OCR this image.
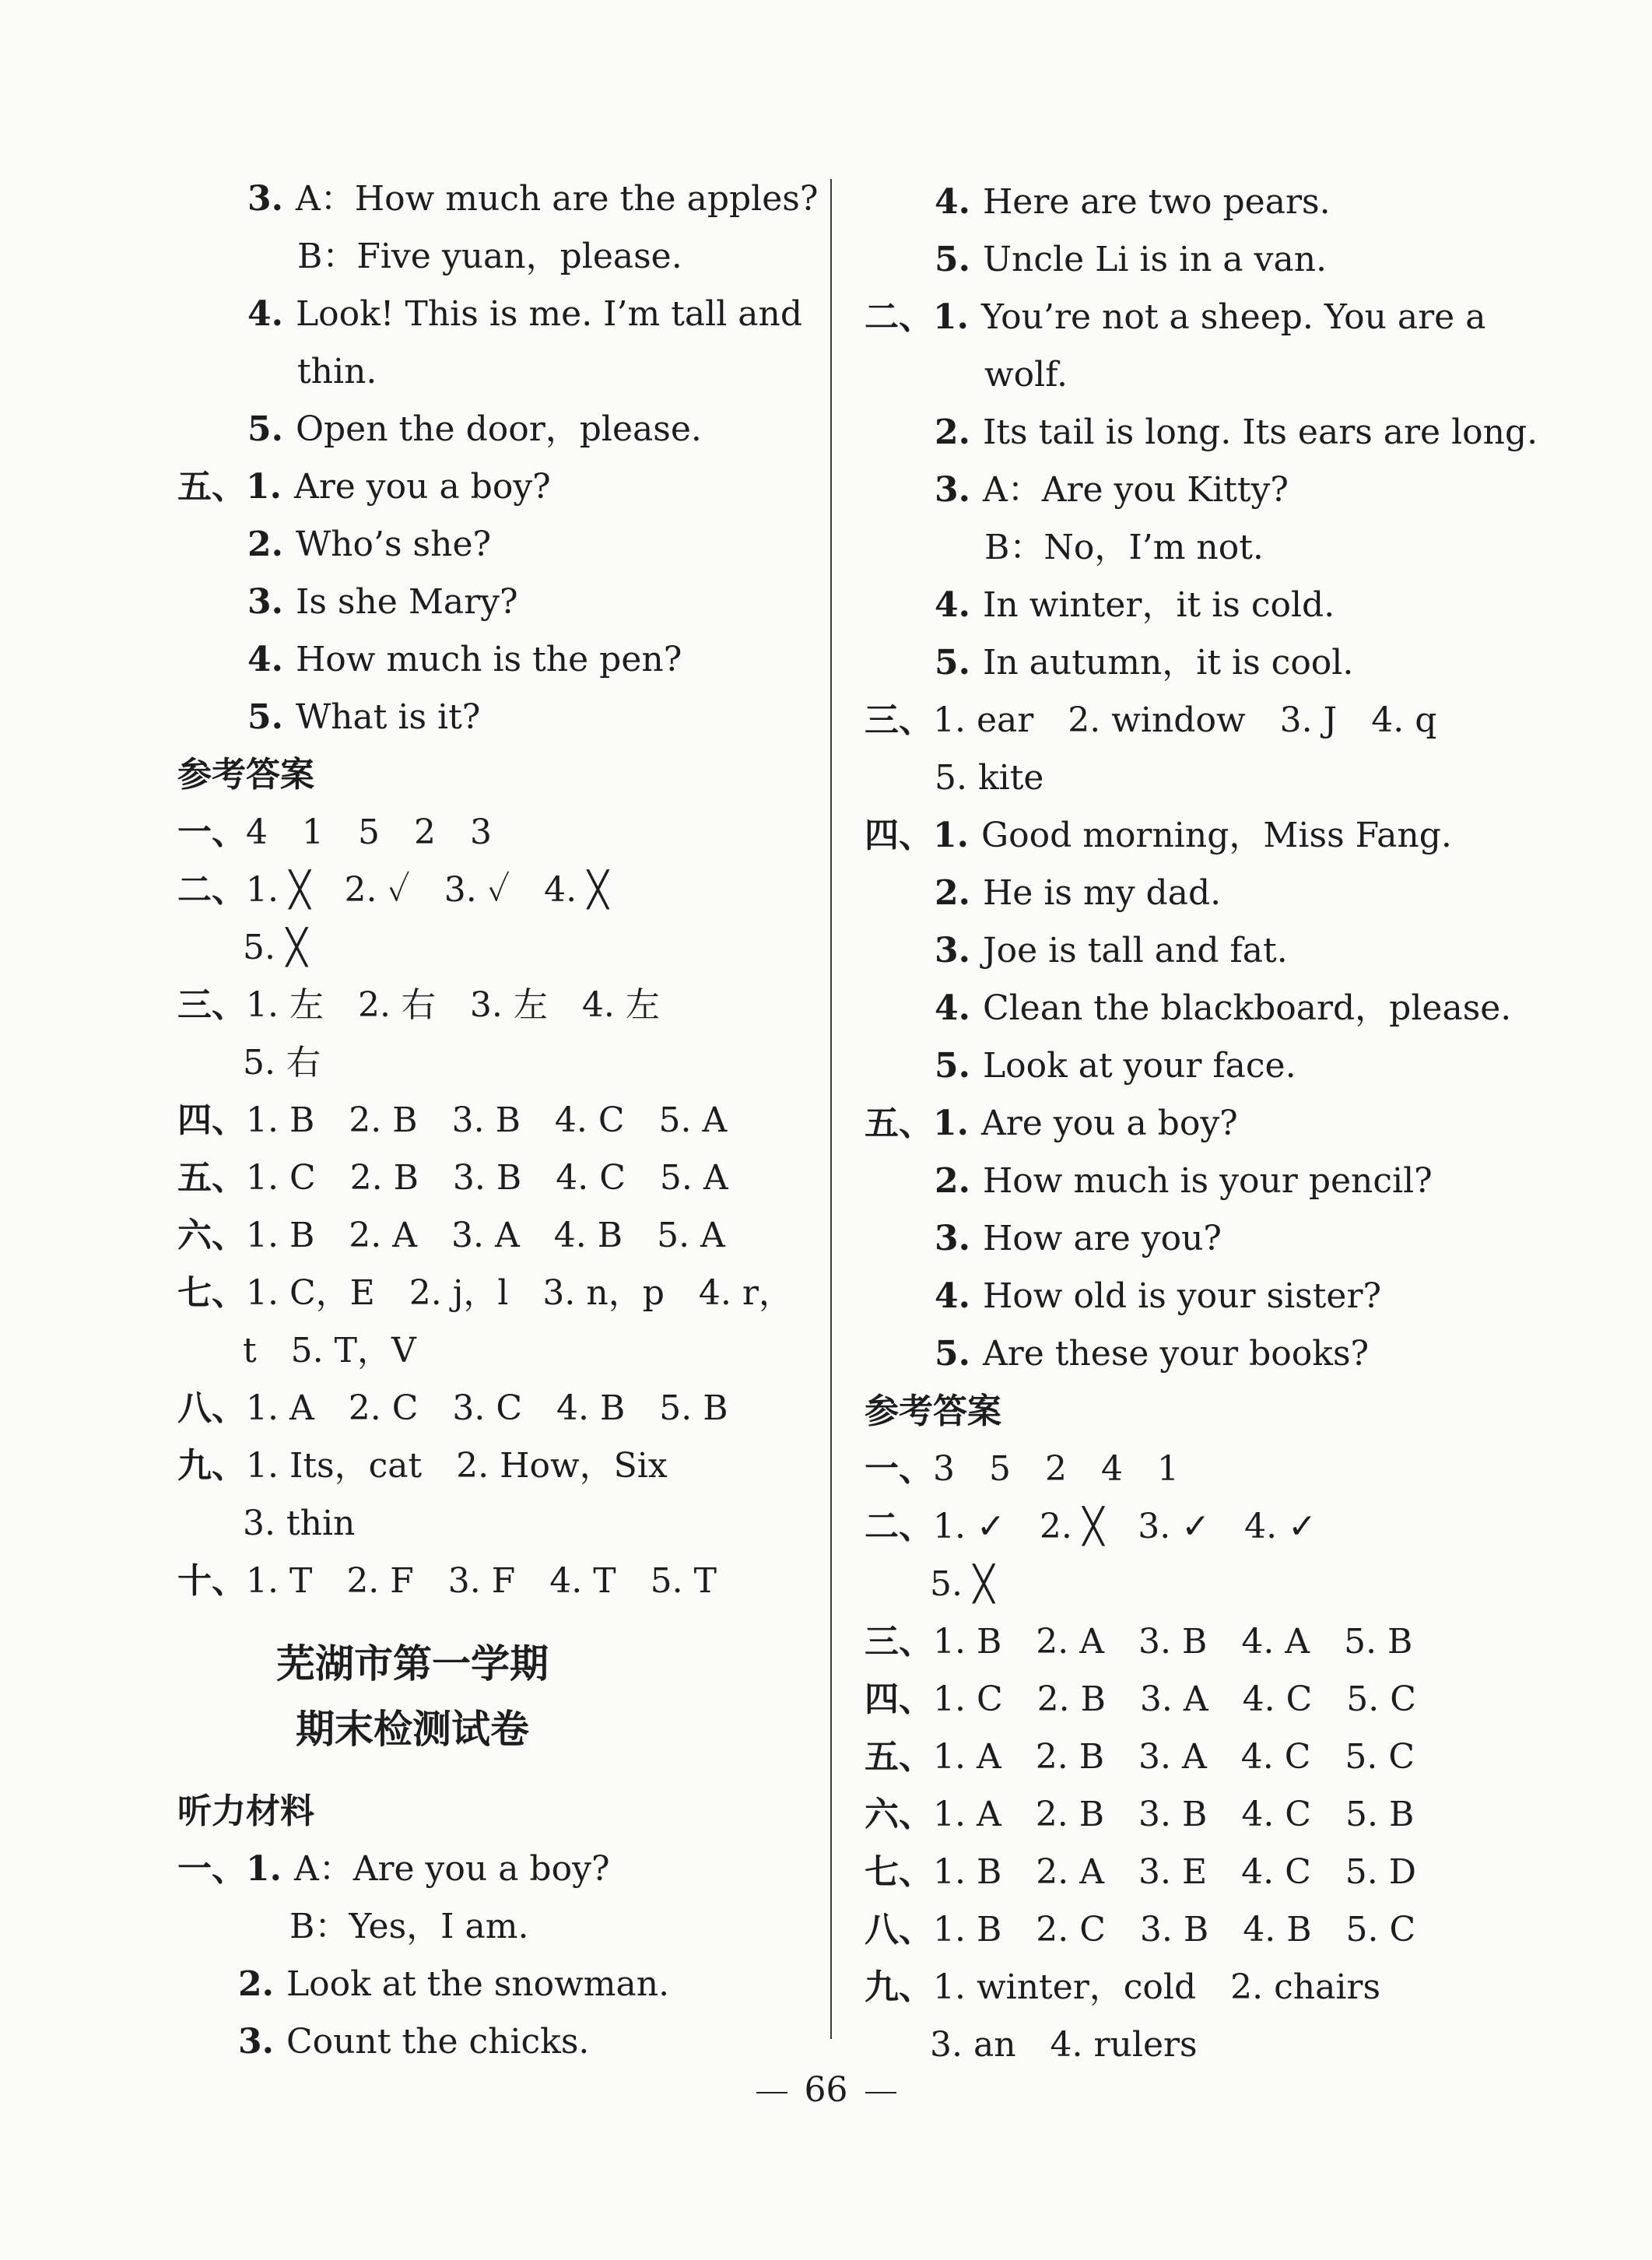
3. A：How much are the apples?
B：Five yuan，please.
4. Look! This is me. I’m tall and
thin.
5. Open the door，please.
五、1. Are you a boy?
2. Who’s she?
3. Is she Mary?
4. How much is the pen?
5. What is it?
参考答案
一、4　1　5　2　3
二、1. ╳　2. ✓　3. ✓　4. ╳
5. ╳
三、1. 左　2. 右　3. 左　4. 左
5. 右
四、1. B　2. B　3. B　4. C　5. A
五、1. C　2. B　3. B　4. C　5. A
六、1. B　2. A　3. A　4. B　5. A
七、1. C，E　2. j，l　3. n，p　4. r，
t　5. T，V
八、1. A　2. C　3. C　4. B　5. B
九、1. Its，cat　2. How，Six
3. thin
十、1. T　2. F　3. F　4. T　5. T
芜湖市第一学期
期末检测试卷
听力材料
一、1. A：Are you a boy?
B：Yes，I am.
2. Look at the snowman.
3. Count the chicks.
4. Here are two pears.
5. Uncle Li is in a van.
二、1. You’re not a sheep. You are a
wolf.
2. Its tail is long. Its ears are long.
3. A：Are you Kitty?
B：No，I’m not.
4. In winter，it is cold.
5. In autumn，it is cool.
三、1. ear　2. window　3. J　4. q
5. kite
四、1. Good morning，Miss Fang.
2. He is my dad.
3. Joe is tall and fat.
4. Clean the blackboard，please.
5. Look at your face.
五、1. Are you a boy?
2. How much is your pencil?
3. How are you?
4. How old is your sister?
5. Are these your books?
参考答案
一、3　5　2　4　1
二、1. ✓　2. ╳　3. ✓　4. ✓
5. ╳
三、1. B　2. A　3. B　4. A　5. B
四、1. C　2. B　3. A　4. C　5. C
五、1. A　2. B　3. A　4. C　5. C
六、1. A　2. B　3. B　4. C　5. B
七、1. B　2. A　3. E　4. C　5. D
八、1. B　2. C　3. B　4. B　5. C
九、1. winter，cold　2. chairs
3. an　4. rulers
66
